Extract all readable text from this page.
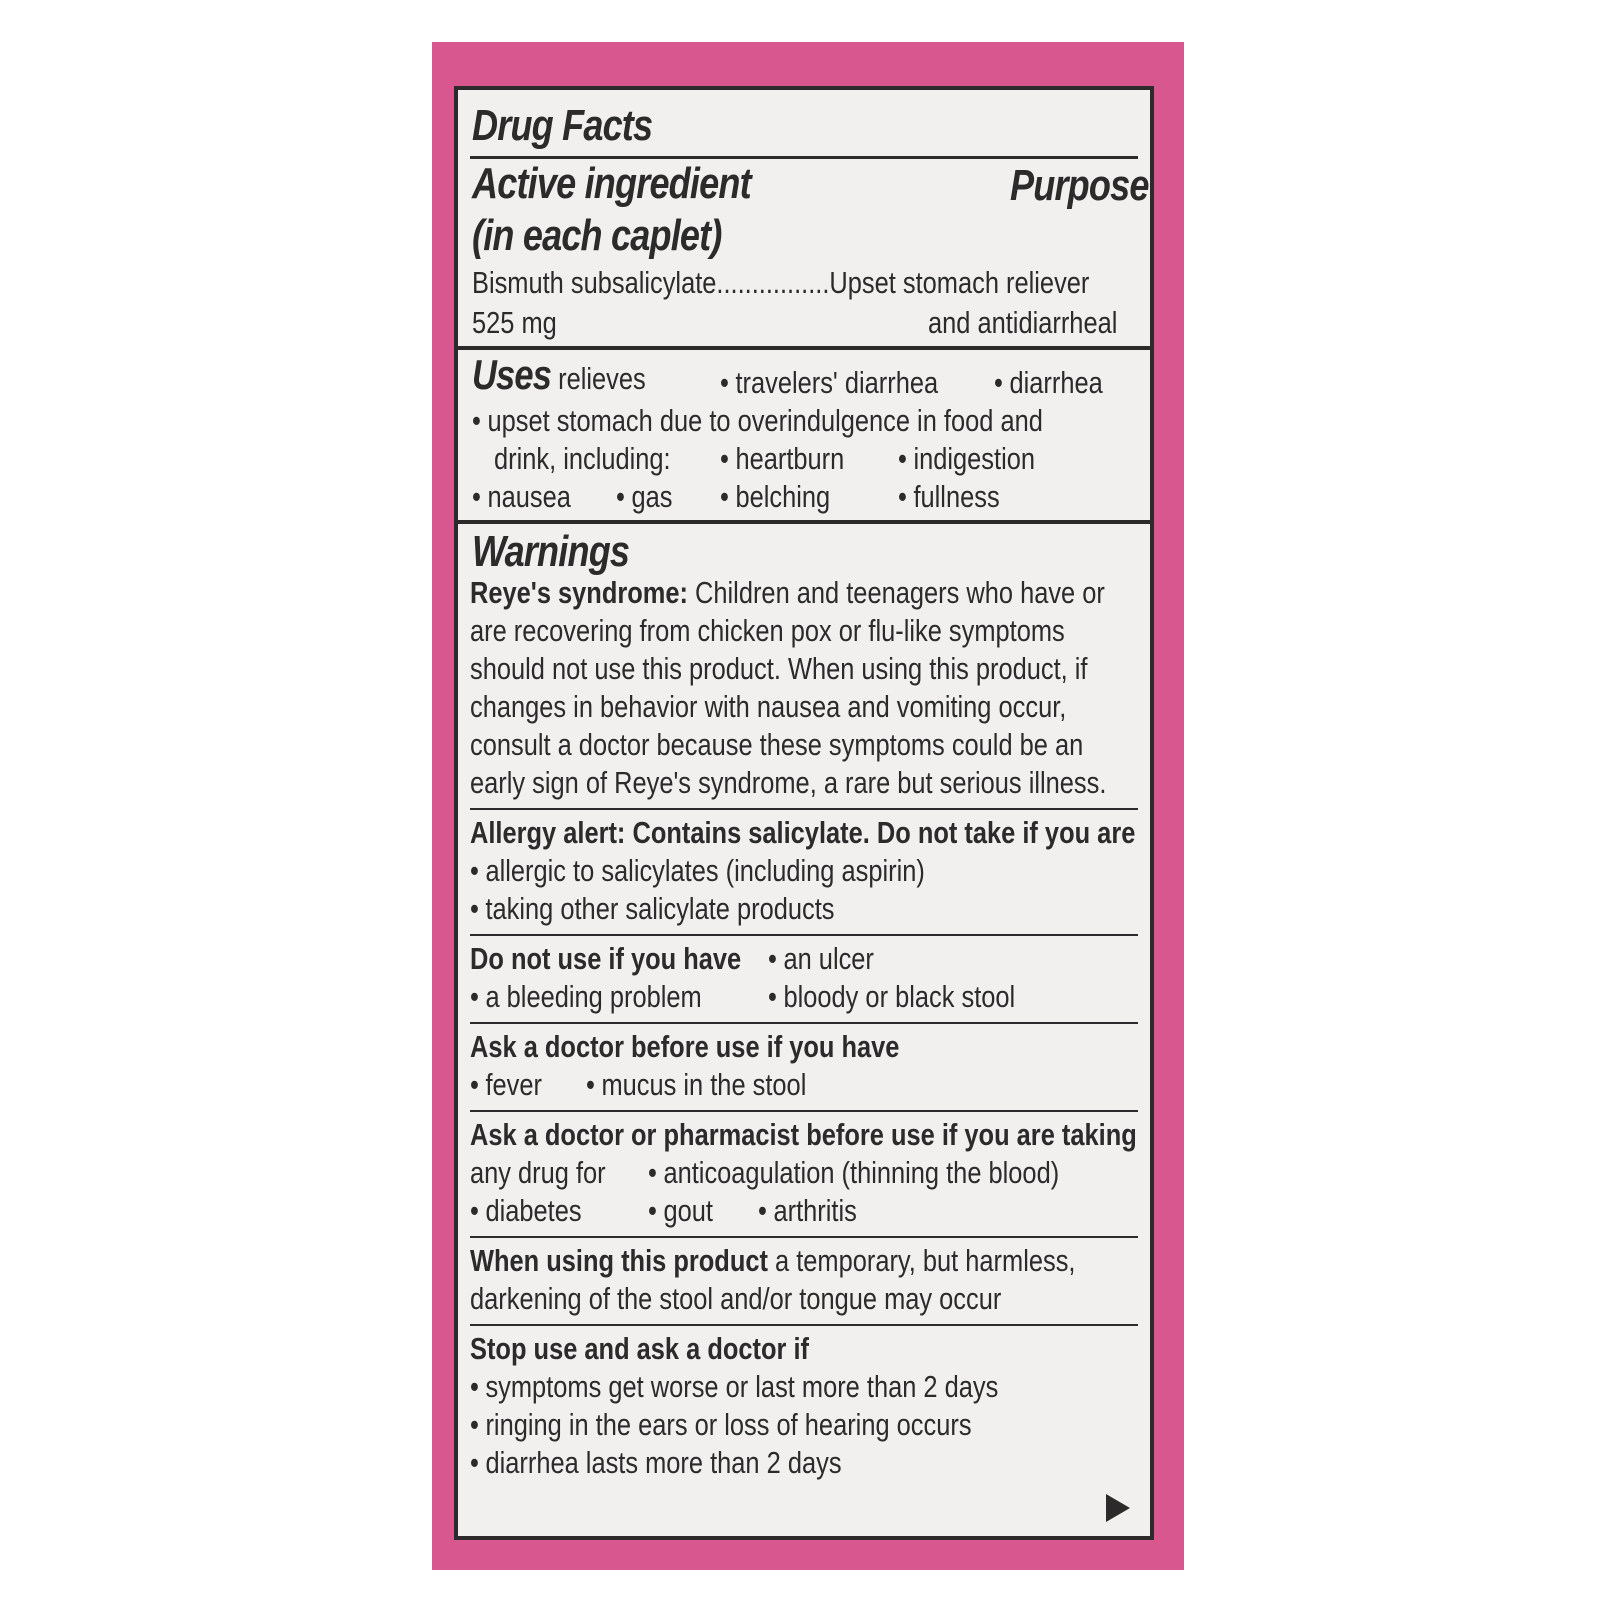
Drug Facts
Active ingredient
(in each caplet)
Purpose
Bismuth subsalicylate................Upset stomach reliever
525 mg	and antidiarrheal
Uses relieves	• travelers' diarrhea	• diarrhea
• upset stomach due to overindulgence in food and
drink, including:	• heartburn	• indigestion
• nausea	• gas	• belching	• fullness
Warnings
Reye's syndrome: Children and teenagers who have or
are recovering from chicken pox or flu-like symptoms
should not use this product. When using this product, if
changes in behavior with nausea and vomiting occur,
consult a doctor because these symptoms could be an
early sign of Reye's syndrome, a rare but serious illness.
Allergy alert: Contains salicylate. Do not take if you are
• allergic to salicylates (including aspirin)
• taking other salicylate products
Do not use if you have	• an ulcer
• a bleeding problem	• bloody or black stool
Ask a doctor before use if you have
• fever	• mucus in the stool
Ask a doctor or pharmacist before use if you are taking
any drug for	• anticoagulation (thinning the blood)
• diabetes	• gout	• arthritis
When using this product a temporary, but harmless,
darkening of the stool and/or tongue may occur
Stop use and ask a doctor if
• symptoms get worse or last more than 2 days
• ringing in the ears or loss of hearing occurs
• diarrhea lasts more than 2 days
